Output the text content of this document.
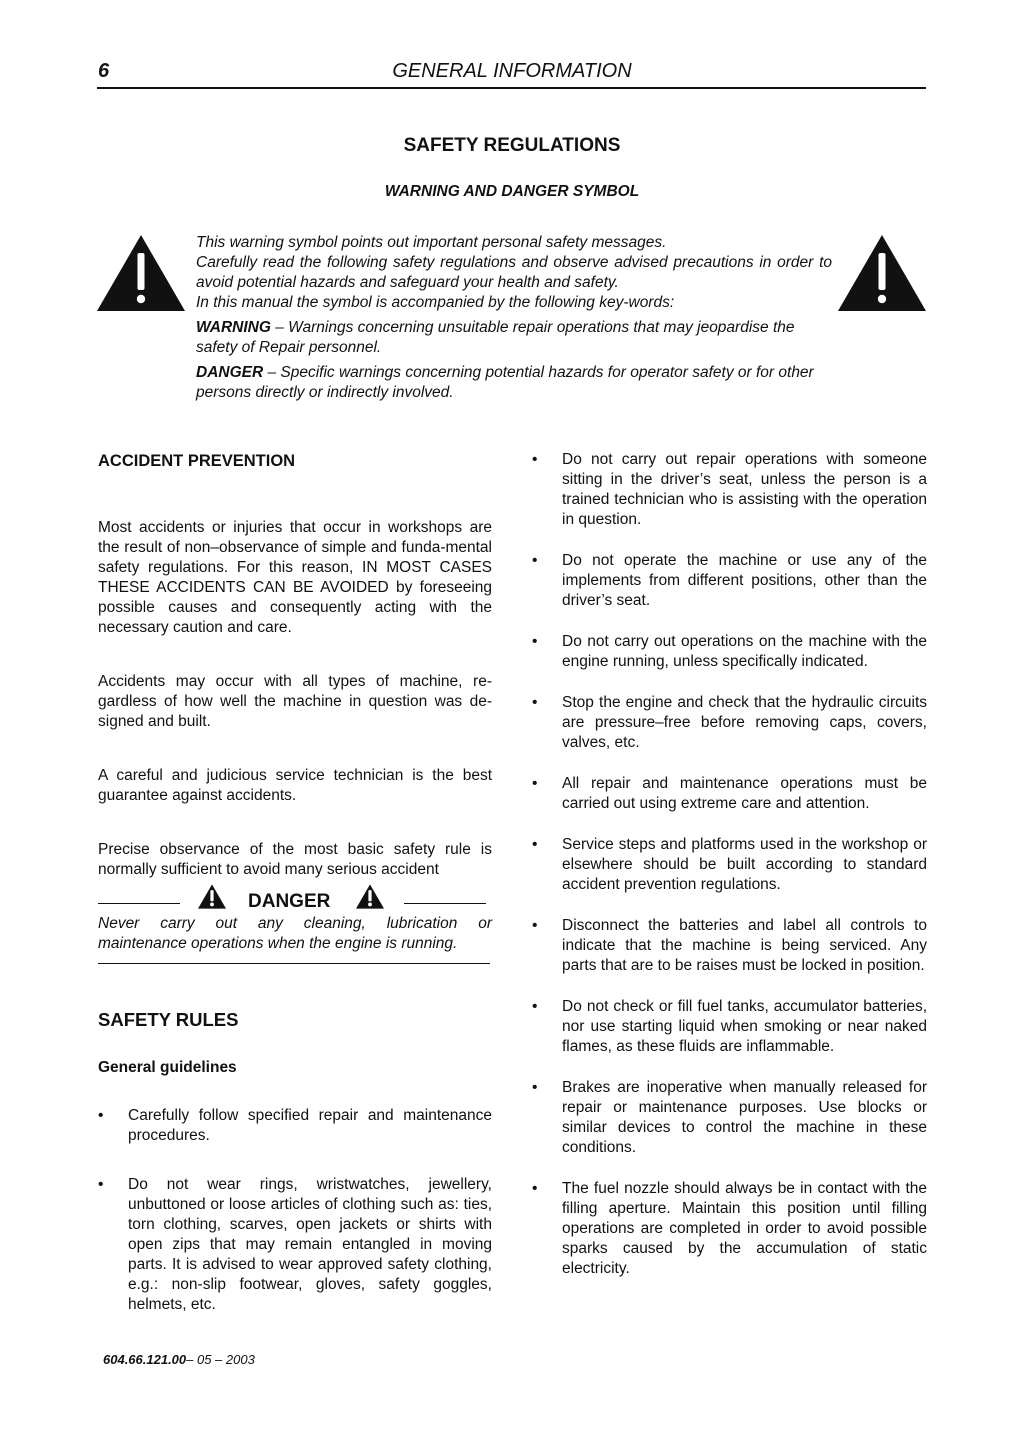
6	GENERAL INFORMATION
SAFETY REGULATIONS
WARNING AND DANGER SYMBOL

This warning symbol points out important personal safety messages.

Carefully read the following safety regulations and observe advised precautions in order to avoid potential hazards and safeguard your health and safety.

In this manual the symbol is accompanied by the following key-words:

WARNING – Warnings concerning unsuitable repair operations that may jeopardise the safety of Repair personnel.

DANGER – Specific warnings concerning potential hazards for operator safety or for other persons directly or indirectly involved.

ACCIDENT PREVENTION

Most accidents or injuries that occur in workshops are the result of non–observance of simple and funda-mental safety regulations. For this reason, IN MOST CASES THESE ACCIDENTS CAN BE AVOIDED by foreseeing possible causes and consequently acting with the necessary caution and care.

Accidents may occur with all types of machine, re-gardless of how well the machine in question was de-signed and built.

A careful and judicious service technician is the best guarantee against accidents.

Precise observance of the most basic safety rule is normally sufficient to avoid many serious accident

DANGER
Never carry out any cleaning, lubrication or
maintenance operations when the engine is running.
SAFETY RULES
General guidelines
• Carefully follow specified repair and maintenance procedures.

• Do not wear rings, wristwatches, jewellery, unbuttoned or loose articles of clothing such as: ties, torn clothing, scarves, open jackets or shirts with open zips that may remain entangled in moving parts. It is advised to wear approved safety clothing, e.g.: non-slip footwear, gloves, safety goggles, helmets, etc.

• Do not carry out repair operations with someone sitting in the driver’s seat, unless the person is a trained technician who is assisting with the operation in question.

• Do not operate the machine or use any of the implements from different positions, other than the driver’s seat.

• Do not carry out operations on the machine with the engine running, unless specifically indicated.

• Stop the engine and check that the hydraulic circuits are pressure–free before removing caps, covers, valves, etc.

• All repair and maintenance operations must be carried out using extreme care and attention.

• Service steps and platforms used in the workshop or elsewhere should be built according to standard accident prevention regulations.

• Disconnect the batteries and label all controls to indicate that the machine is being serviced. Any parts that are to be raises must be locked in position.

• Do not check or fill fuel tanks, accumulator batteries, nor use starting liquid when smoking or near naked flames, as these fluids are inflammable.

• Brakes are inoperative when manually released for repair or maintenance purposes. Use blocks or similar devices to control the machine in these conditions.

• The fuel nozzle should always be in contact with the filling aperture. Maintain this position until filling operations are completed in order to avoid possible sparks caused by the accumulation of static electricity.

604.66.121.00– 05 – 2003
